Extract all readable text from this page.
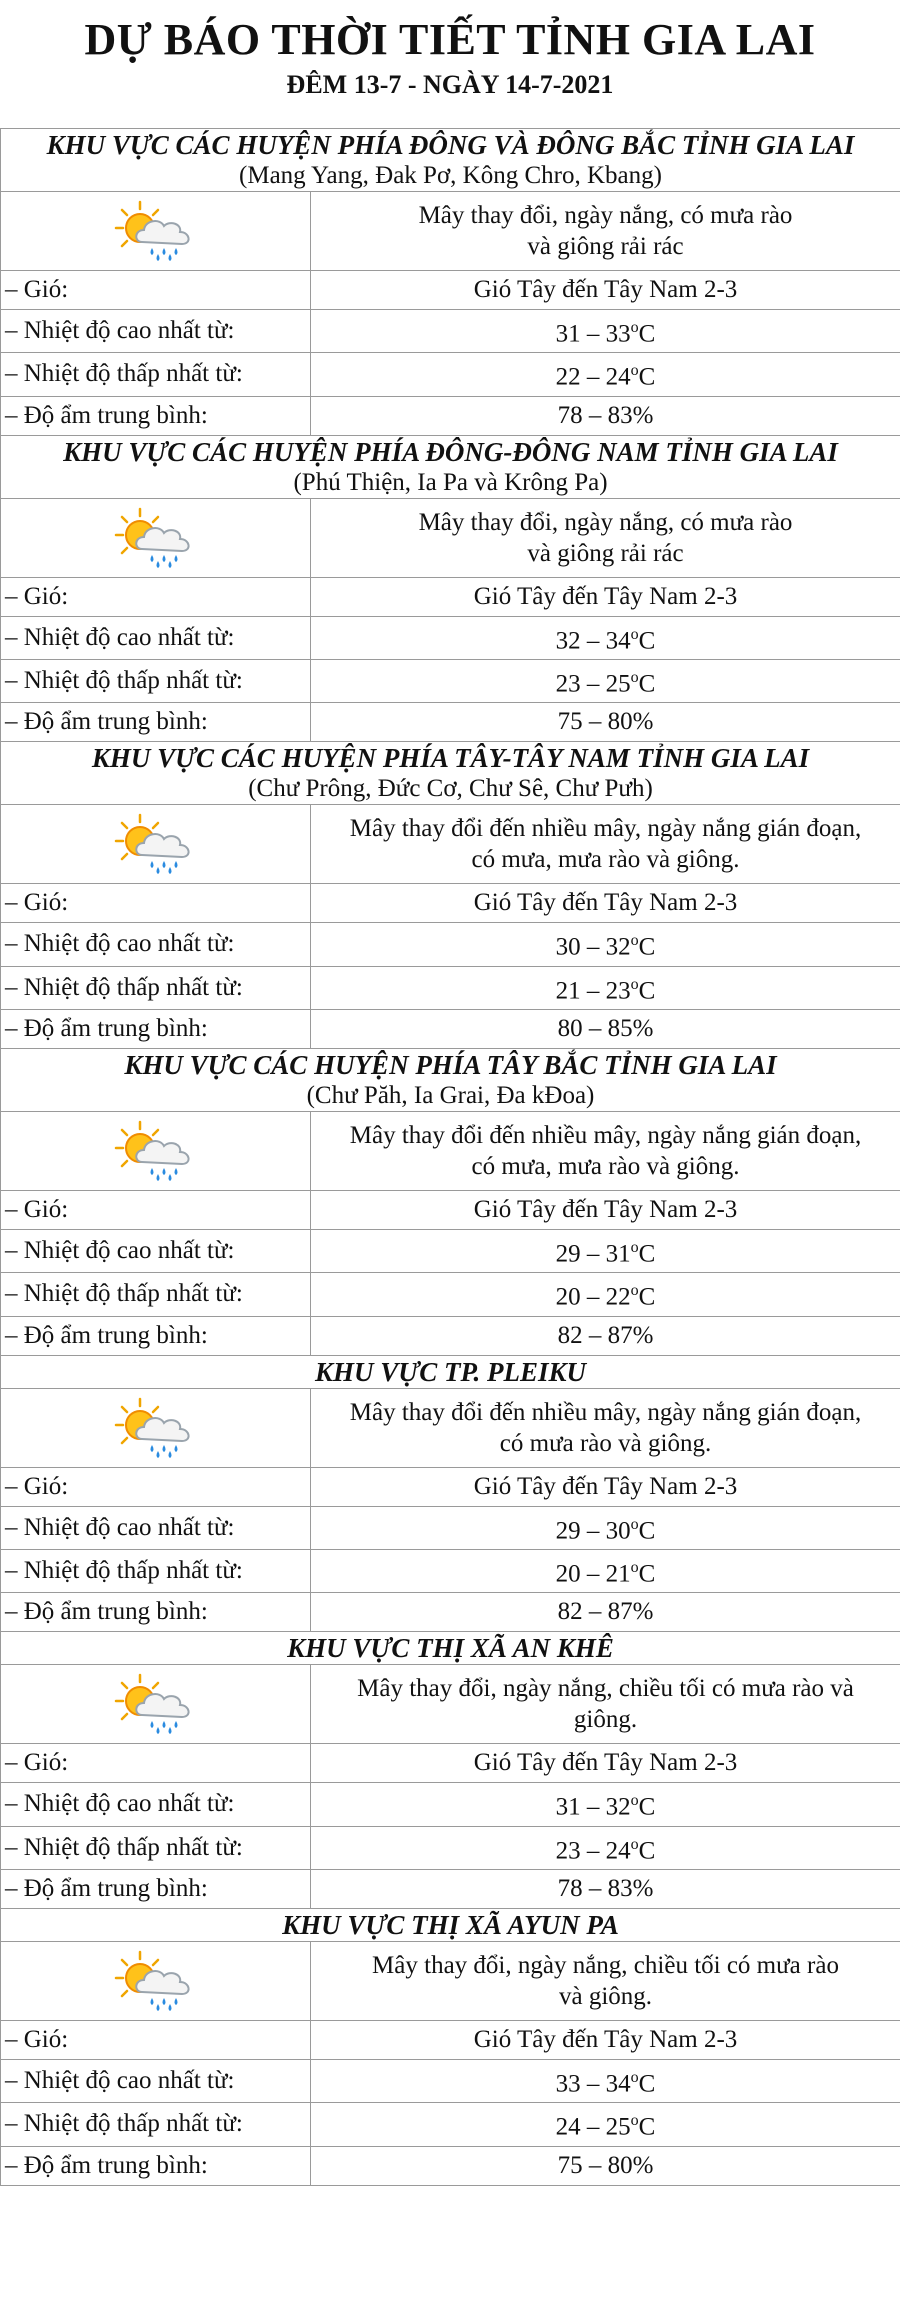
DỰ BÁO THỜI TIẾT TỈNH GIA LAI
ĐÊM 13-7 - NGÀY 14-7-2021
KHU VỰC CÁC HUYỆN PHÍA ĐÔNG VÀ ĐÔNG BẮC TỈNH GIA LAI
(Mang Yang, Đak Pơ, Kông Chro, Kbang)	

Mây thay đổi, ngày nắng, có mưa rào
và giông rải rác

– Gió:	Gió Tây đến Tây Nam 2-3
– Nhiệt độ cao nhất từ:	31 – 33$^o$C
– Nhiệt độ thấp nhất từ:	22 – 24$^o$C
– Độ ẩm trung bình:	78 – 83%

KHU VỰC CÁC HUYỆN PHÍA ĐÔNG-ĐÔNG NAM TỈNH GIA LAI
(Phú Thiện, Ia Pa và Krông Pa)	

Mây thay đổi, ngày nắng, có mưa rào
và giông rải rác

– Gió:	Gió Tây đến Tây Nam 2-3
– Nhiệt độ cao nhất từ:	32 – 34$^o$C
– Nhiệt độ thấp nhất từ:	23 – 25$^o$C
– Độ ẩm trung bình:	75 – 80%

KHU VỰC CÁC HUYỆN PHÍA TÂY-TÂY NAM TỈNH GIA LAI
(Chư Prông, Đức Cơ, Chư Sê, Chư Pưh)	

Mây thay đổi đến nhiều mây, ngày nắng gián đoạn,
có mưa, mưa rào và giông.

– Gió:	Gió Tây đến Tây Nam 2-3
– Nhiệt độ cao nhất từ:	30 – 32$^o$C
– Nhiệt độ thấp nhất từ:	21 – 23$^o$C
– Độ ẩm trung bình:	80 – 85%

KHU VỰC CÁC HUYỆN PHÍA TÂY BẮC TỈNH GIA LAI
(Chư Păh, Ia Grai, Đa kĐoa)	

Mây thay đổi đến nhiều mây, ngày nắng gián đoạn,
có mưa, mưa rào và giông.

– Gió:	Gió Tây đến Tây Nam 2-3
– Nhiệt độ cao nhất từ:	29 – 31$^o$C
– Nhiệt độ thấp nhất từ:	20 – 22$^o$C
– Độ ẩm trung bình:	82 – 87%

KHU VỰC TP. PLEIKU	

Mây thay đổi đến nhiều mây, ngày nắng gián đoạn,
có mưa rào và giông.

– Gió:	Gió Tây đến Tây Nam 2-3
– Nhiệt độ cao nhất từ:	29 – 30$^o$C
– Nhiệt độ thấp nhất từ:	20 – 21$^o$C
– Độ ẩm trung bình:	82 – 87%

KHU VỰC THỊ XÃ AN KHÊ	

Mây thay đổi, ngày nắng, chiều tối có mưa rào và
giông.

– Gió:	Gió Tây đến Tây Nam 2-3
– Nhiệt độ cao nhất từ:	31 – 32$^o$C
– Nhiệt độ thấp nhất từ:	23 – 24$^o$C
– Độ ẩm trung bình:	78 – 83%

KHU VỰC THỊ XÃ AYUN PA	

Mây thay đổi, ngày nắng, chiều tối có mưa rào
và giông.

– Gió:	Gió Tây đến Tây Nam 2-3
– Nhiệt độ cao nhất từ:	33 – 34$^o$C
– Nhiệt độ thấp nhất từ:	24 – 25$^o$C
– Độ ẩm trung bình:	75 – 80%
